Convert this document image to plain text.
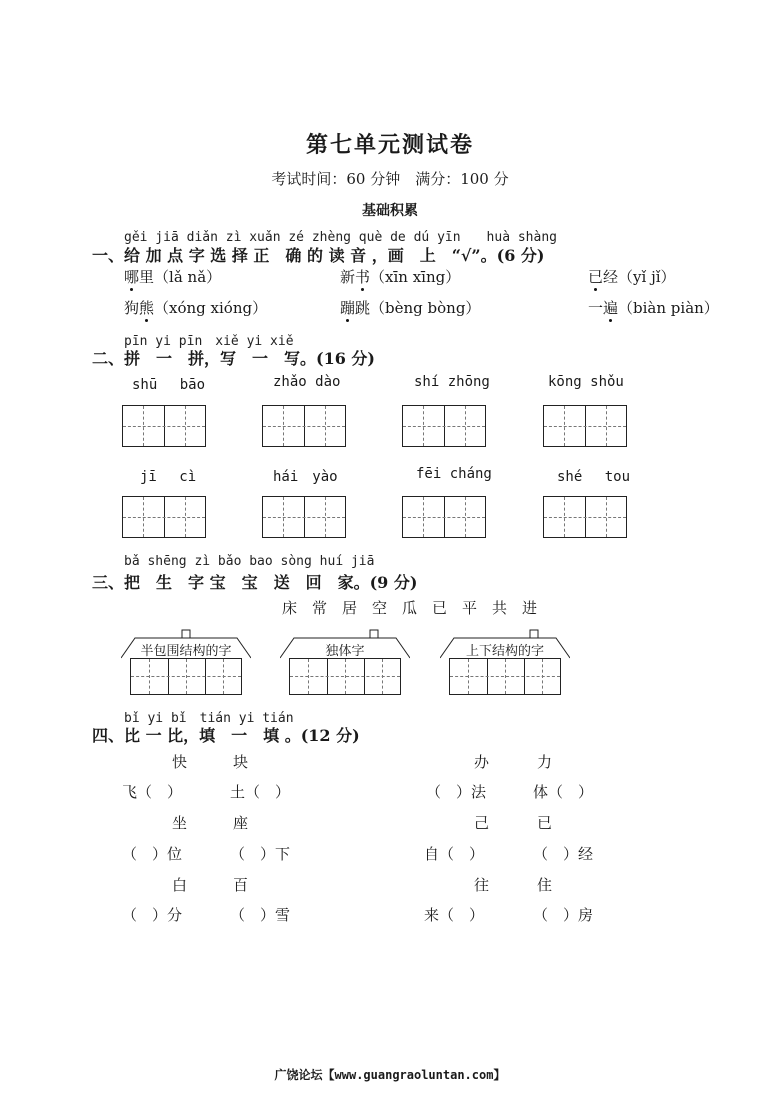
第七单元测试卷
考试时间：60 分钟　满分：100 分
基础积累
gěi jiā diǎn zì xuǎn zé zhèng què de dú yīn　　huà shàng
一、给 加 点 字 选 择 正　确 的 读 音 ，画　上　“√”。(6 分)
哪里（lǎ nǎ）	新书（xīn xīng）	已经（yǐ jǐ）
狗熊（xóng xióng）	蹦跳（bèng bòng）	一遍（biàn piàn）
pīn yi pīn　xiě yi xiě
二、拼　一　拼，写　一　写。(16 分)
shū　 bāo	zhǎo dào	shí zhōng	kōng shǒu
jī　 cì	hái　yào	fēi cháng	shé　 tou
bǎ shēng zì bǎo bao sòng huí jiā
三、把　生　字 宝　宝　送　回　家。(9 分)
床　常　居　空　瓜　已　平　共　进
半包围结构的字	独体字	上下结构的字
bǐ yi bǐ　tián yi tián
四、比 一 比，填　一　填 。(12 分)
快	块	办	力
飞（　）	土（　）	（　）法	体（　）
坐	座	己	已
（　）位	（　）下	自（　）	（　）经
白	百	往	住
（　）分	（　）雪	来（　）	（　）房
广饶论坛【www.guangraoluntan.com】
